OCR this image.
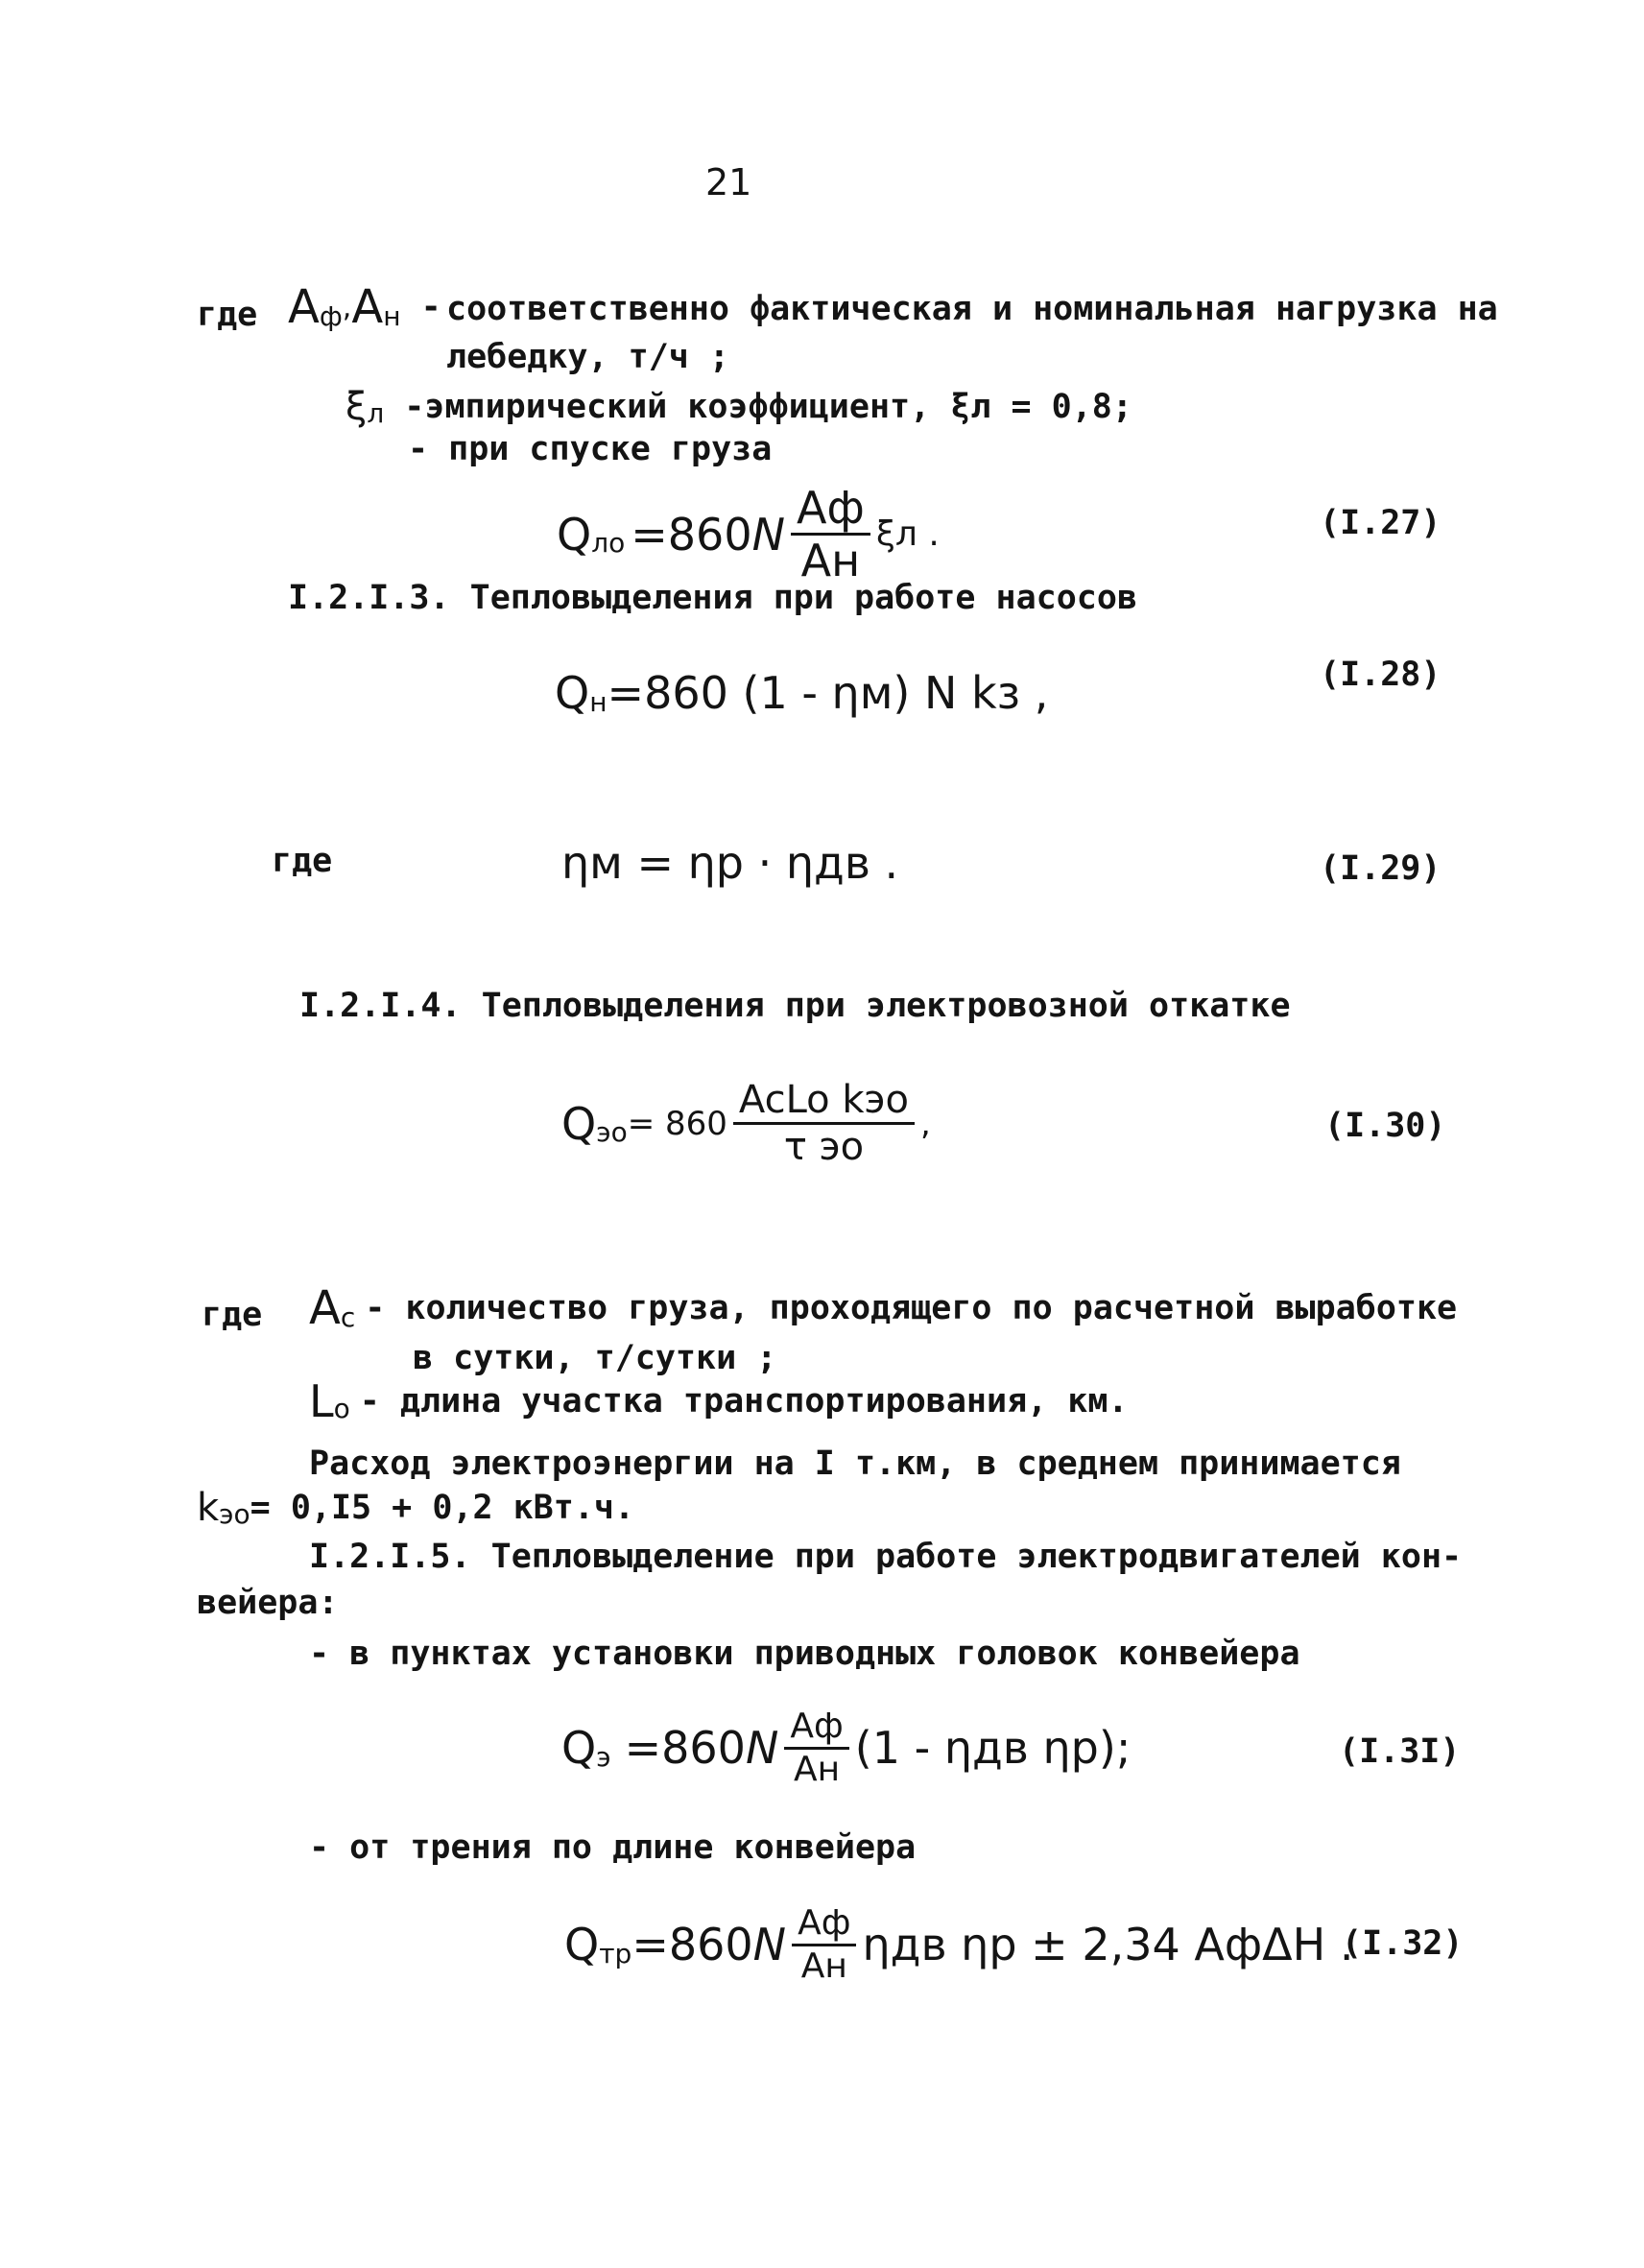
21
где A ф , A н - соответственно фактическая и номинальная нагрузка на
лебедку, т/ч ;
ξ л - эмпирический коэффициент, ξл = 0,8;
- при спуске груза
Q лo =860 N $\frac{Aф}{Aн}$ ξл .	(I.27)
I.2.I.3. Тепловыделения при работе насосов
Q н =860 (1 - ηм) N kз ,	(I.28)
где	ηм = ηр · ηдв .	(I.29)
I.2.I.4. Тепловыделения при электровозной откатке
Q эо = $860 \frac{\text{AcLo kэо}}{\text{τ эо}}$ ,	(I.30)
где A c - количество груза, проходящего по расчетной выработке
в сутки, т/сутки ;
L o - длина участка транспортирования, км.
Расход электроэнергии на I т.км, в среднем принимается
k эо = 0,I5 + 0,2 кВт.ч.
I.2.I.5. Тепловыделение при работе электродвигателей кон-
вейера:
- в пунктах установки приводных головок конвейера
Q э =860 N $\frac{Aф}{Aн} (1$ - ηдв ηр);	(I.3I)
- от трения по длине конвейера
Q тр =860 N $\frac{Aф}{Aн}$ ηдв ηр ± 2,34 AфΔH .
(I.32)
